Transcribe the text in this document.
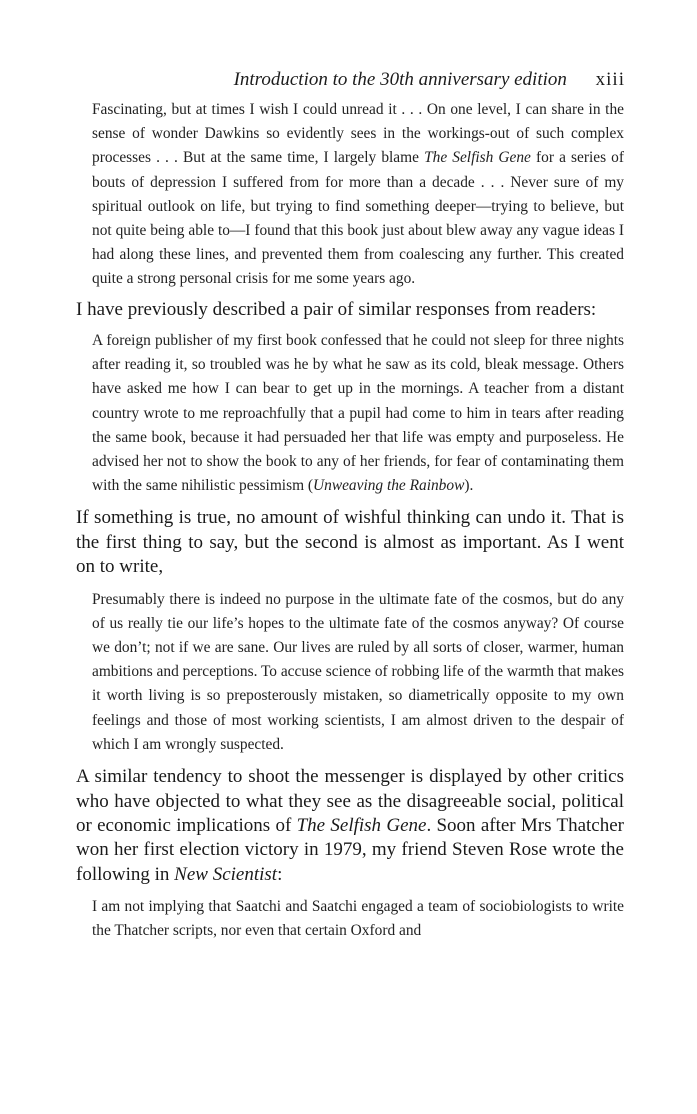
Introduction to the 30th anniversary edition xiii

Fascinating, but at times I wish I could unread it . . . On one level, I can share in the sense of wonder Dawkins so evidently sees in the workings-out of such complex processes . . . But at the same time, I largely blame The Selfish Gene for a series of bouts of depression I suffered from for more than a decade . . . Never sure of my spiritual outlook on life, but trying to find something deeper—trying to believe, but not quite being able to—I found that this book just about blew away any vague ideas I had along these lines, and prevented them from coalescing any further. This created quite a strong personal crisis for me some years ago.

I have previously described a pair of similar responses from readers:

A foreign publisher of my first book confessed that he could not sleep for three nights after reading it, so troubled was he by what he saw as its cold, bleak message. Others have asked me how I can bear to get up in the mornings. A teacher from a distant country wrote to me reproachfully that a pupil had come to him in tears after reading the same book, because it had persuaded her that life was empty and purposeless. He advised her not to show the book to any of her friends, for fear of contaminating them with the same nihilistic pessimism (Unweaving the Rainbow).

If something is true, no amount of wishful thinking can undo it. That is the first thing to say, but the second is almost as important. As I went on to write,

Presumably there is indeed no purpose in the ultimate fate of the cosmos, but do any of us really tie our life’s hopes to the ultimate fate of the cosmos anyway? Of course we don’t; not if we are sane. Our lives are ruled by all sorts of closer, warmer, human ambitions and perceptions. To accuse science of robbing life of the warmth that makes it worth living is so preposterously mistaken, so diametrically opposite to my own feelings and those of most working scientists, I am almost driven to the despair of which I am wrongly suspected.

A similar tendency to shoot the messenger is displayed by other critics who have objected to what they see as the disagreeable social, political or economic implications of The Selfish Gene. Soon after Mrs Thatcher won her first election victory in 1979, my friend Steven Rose wrote the following in New Scientist:

I am not implying that Saatchi and Saatchi engaged a team of sociobiologists to write the Thatcher scripts, nor even that certain Oxford and
